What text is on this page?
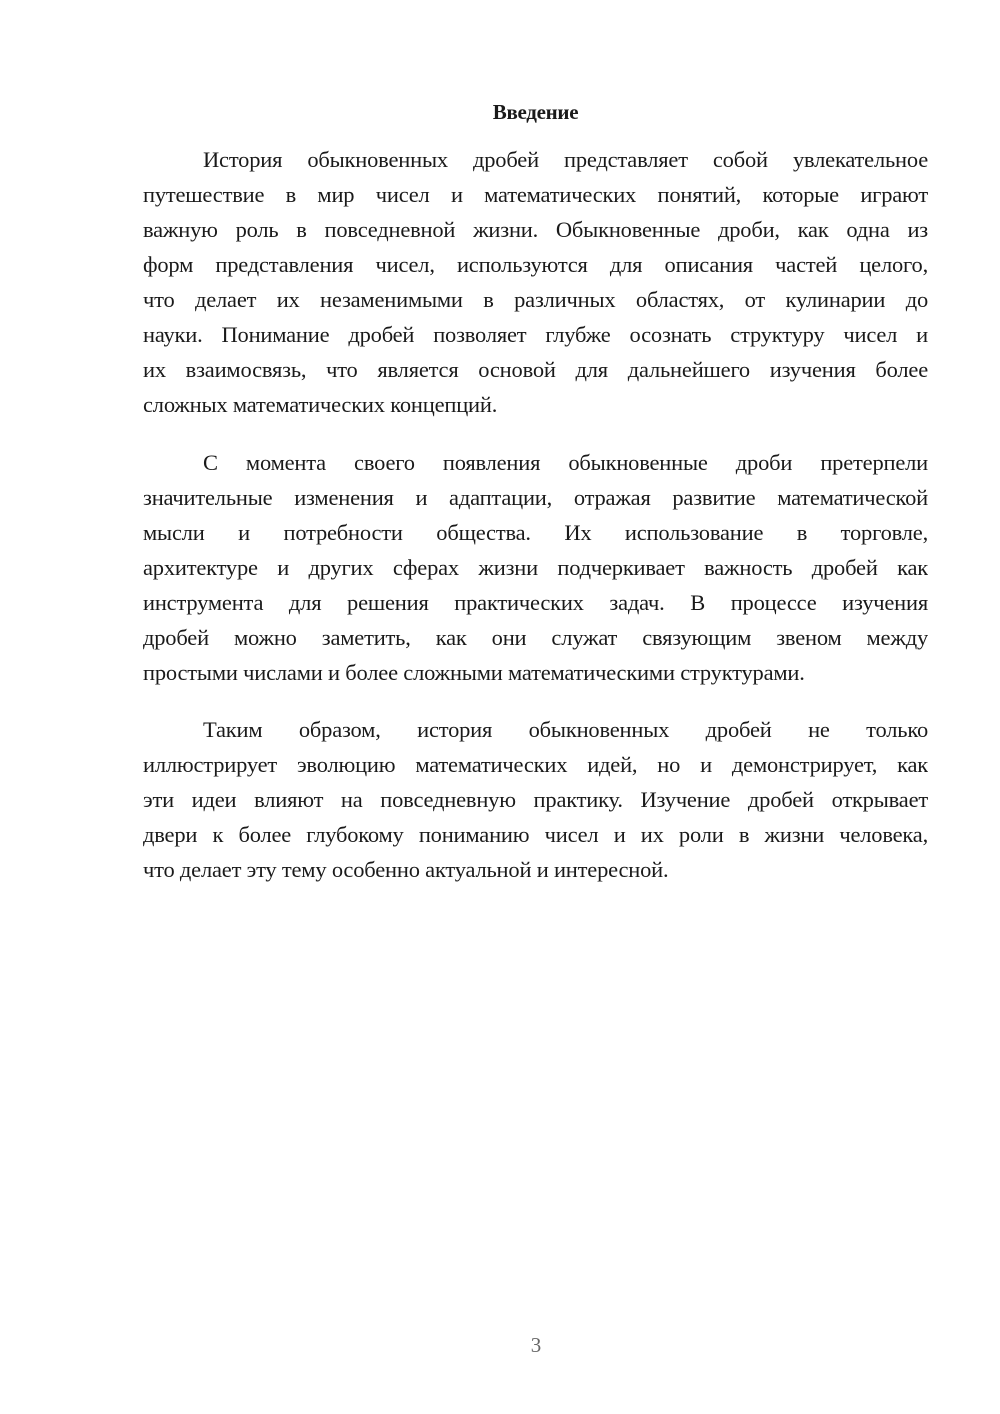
Введение
История обыкновенных дробей представляет собой увлекательное
путешествие в мир чисел и математических понятий, которые играют
важную роль в повседневной жизни. Обыкновенные дроби, как одна из
форм представления чисел, используются для описания частей целого,
что делает их незаменимыми в различных областях, от кулинарии до
науки. Понимание дробей позволяет глубже осознать структуру чисел и
их взаимосвязь, что является основой для дальнейшего изучения более
сложных математических концепций.
С момента своего появления обыкновенные дроби претерпели
значительные изменения и адаптации, отражая развитие математической
мысли и потребности общества. Их использование в торговле,
архитектуре и других сферах жизни подчеркивает важность дробей как
инструмента для решения практических задач. В процессе изучения
дробей можно заметить, как они служат связующим звеном между
простыми числами и более сложными математическими структурами.
Таким образом, история обыкновенных дробей не только
иллюстрирует эволюцию математических идей, но и демонстрирует, как
эти идеи влияют на повседневную практику. Изучение дробей открывает
двери к более глубокому пониманию чисел и их роли в жизни человека,
что делает эту тему особенно актуальной и интересной.
3
